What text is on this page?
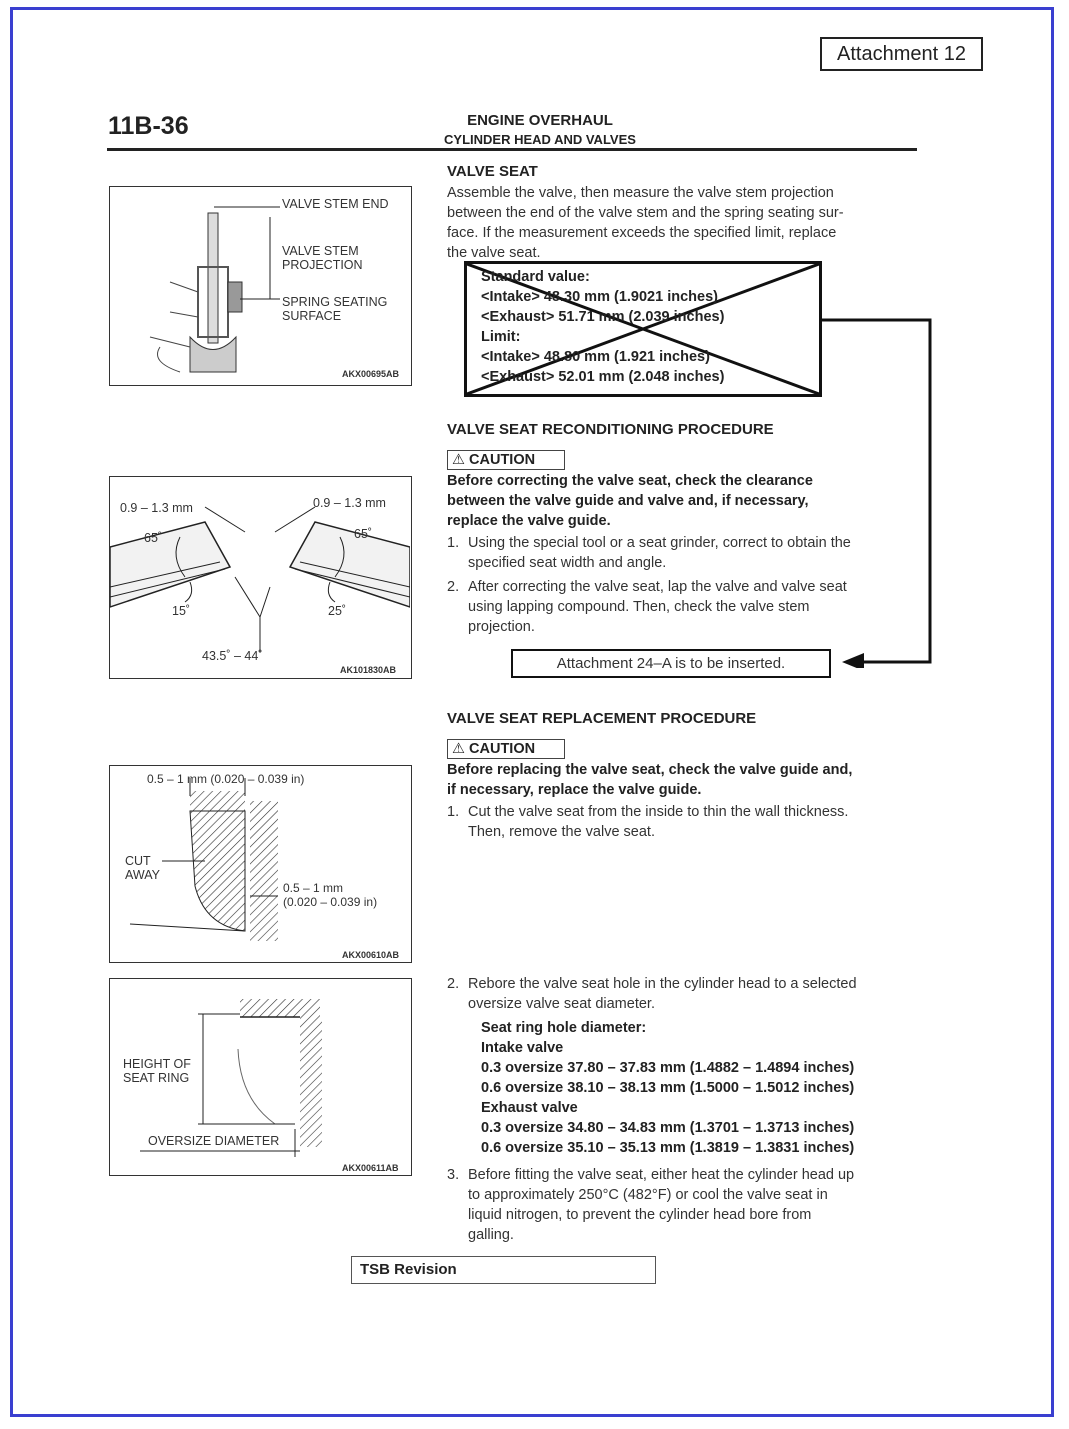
Attachment 12
11B-36	ENGINE OVERHAUL
CYLINDER HEAD AND VALVES
VALVE SEAT
Assemble the valve, then measure the valve stem projection
between the end of the valve stem and the spring seating sur-
face. If the measurement exceeds the specified limit, replace
the valve seat.
Standard value:
<Intake> 48.30 mm (1.9021 inches)
<Exhaust> 51.71 mm (2.039 inches)
Limit:
<Intake> 48.80 mm (1.921 inches)
<Exhaust> 52.01 mm (2.048 inches)
VALVE STEM END
VALVE STEM
PROJECTION
SPRING SEATING
SURFACE
AKX00695AB
VALVE SEAT RECONDITIONING PROCEDURE
⚠ CAUTION
Before correcting the valve seat, check the clearance
between the valve guide and valve and, if necessary,
replace the valve guide.
1. Using the special tool or a seat grinder, correct to obtain the
specified seat width and angle.
2. After correcting the valve seat, lap the valve and valve seat
using lapping compound. Then, check the valve stem
projection.
Attachment 24–A is to be inserted.
0.9 – 1.3 mm	0.9 – 1.3 mm
65˚	65˚
15˚	25˚
43.5˚ – 44˚
AK101830AB
VALVE SEAT REPLACEMENT PROCEDURE
⚠ CAUTION
Before replacing the valve seat, check the valve guide and,
if necessary, replace the valve guide.
1. Cut the valve seat from the inside to thin the wall thickness.
Then, remove the valve seat.
0.5 – 1 mm (0.020 – 0.039 in)
CUT
AWAY
0.5 – 1 mm
(0.020 – 0.039 in)
AKX00610AB
2. Rebore the valve seat hole in the cylinder head to a selected
oversize valve seat diameter.
Seat ring hole diameter:
Intake valve
0.3 oversize 37.80 – 37.83 mm (1.4882 – 1.4894 inches)
0.6 oversize 38.10 – 38.13 mm (1.5000 – 1.5012 inches)
Exhaust valve
0.3 oversize 34.80 – 34.83 mm (1.3701 – 1.3713 inches)
0.6 oversize 35.10 – 35.13 mm (1.3819 – 1.3831 inches)
HEIGHT OF
SEAT RING
OVERSIZE DIAMETER
AKX00611AB	3. Before fitting the valve seat, either heat the cylinder head up
to approximately 250°C (482°F) or cool the valve seat in
liquid nitrogen, to prevent the cylinder head bore from
galling.
TSB Revision
